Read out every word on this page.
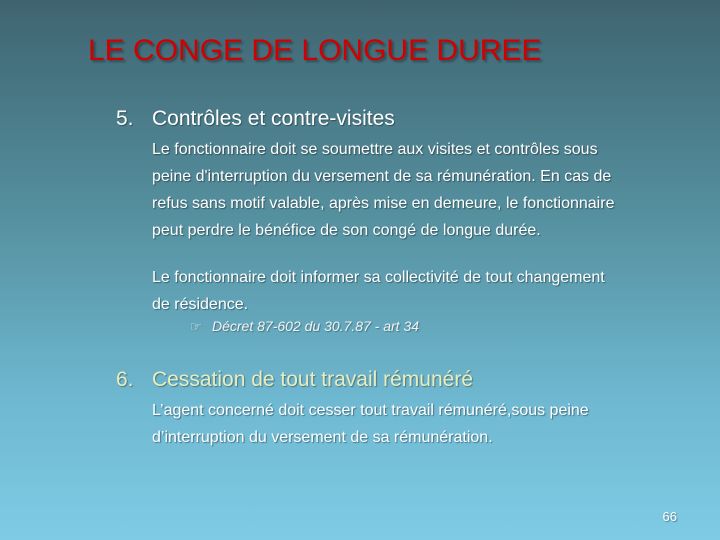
LE CONGE DE LONGUE DUREE
5. Contrôles et contre-visites
Le fonctionnaire doit se soumettre aux visites et contrôles sous
peine d'interruption du versement de sa rémunération. En cas de
refus sans motif valable, après mise en demeure, le fonctionnaire
peut perdre le bénéfice de son congé de longue durée.
Le fonctionnaire doit informer sa collectivité de tout changement
de résidence.
☞ Décret 87-602 du 30.7.87 - art 34
6. Cessation de tout travail rémunéré
L’agent concerné doit cesser tout travail rémunéré,sous peine
d’interruption du versement de sa rémunération.
66
